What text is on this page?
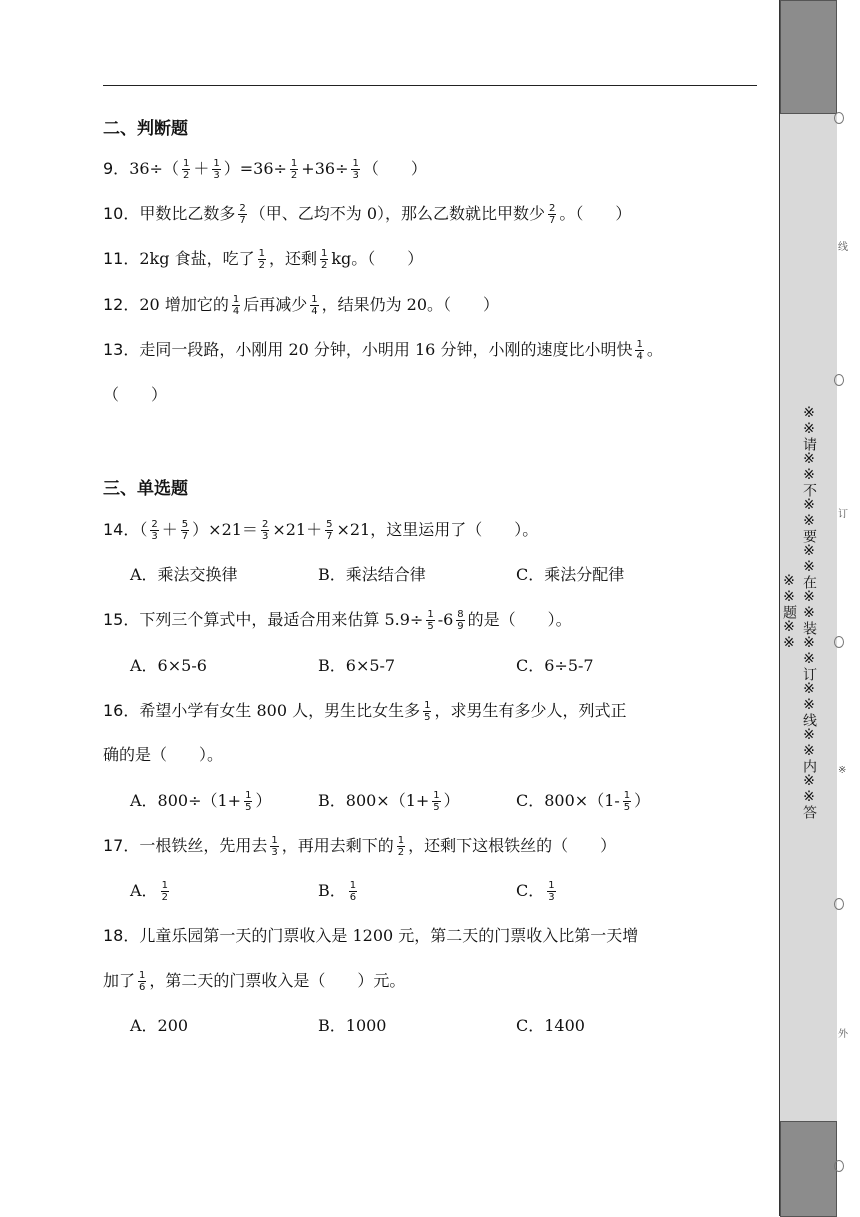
二、判断题
9．$36\div( \frac{1}{2} + \frac{1}{3} )=36\div \frac{1}{2} +36\div \frac{1}{3}$ （　　）
10．甲数比乙数多 $\frac{2}{7}$ （甲、乙均不为 0），那么乙数就比甲数少 $\frac{2}{7}$ 。（　　）
11．2kg 食盐，吃了 $\frac{1}{2}$ ，还剩 $\frac{1}{2}$ kg。（　　）
12．20 增加它的 $\frac{1}{4}$ 后再减少 $\frac{1}{4}$ ，结果仍为 20。（　　）
13．走同一段路，小刚用 20 分钟，小明用 16 分钟，小刚的速度比小明快 $\frac{1}{4}$ 。
（　　）
三、单选题
14．（ $\frac{2}{3} + \frac{5}{7} )\times 21= \frac{2}{3} \times 21+ \frac{5}{7} \times 21$，这里运用了（　　）。
A．乘法交换律	B．乘法结合律	C．乘法分配律
15．下列三个算式中，最适合用来估算 $5.9\div \frac{1}{5} -6 \frac{8}{9}$ 的是（　　）。
A．6×5-6	B．6×5-7	C．6÷5-7
16．希望小学有女生 800 人，男生比女生多 $\frac{1}{5}$ ，求男生有多少人，列式正
确的是（　　）。
A．$800\div(1+ \frac{1}{5}$ ）	B．$800\times(1+ \frac{1}{5}$ ）	C．$800\times(1- \frac{1}{5}$ ）
17．一根铁丝，先用去 $\frac{1}{3}$ ，再用去剩下的 $\frac{1}{2}$ ，还剩下这根铁丝的（　　）
A． $\frac{1}{2}$	B． $\frac{1}{6}$	C． $\frac{1}{3}$
18．儿童乐园第一天的门票收入是 1200 元，第二天的门票收入比第一天增
加了 $\frac{1}{6}$ ，第二天的门票收入是（　　）元。
A．200	B．1000	C．1400
※※请※※不※※要※※在※※装※※订※※线※※内※※答※※题※※
线
订
※
外
